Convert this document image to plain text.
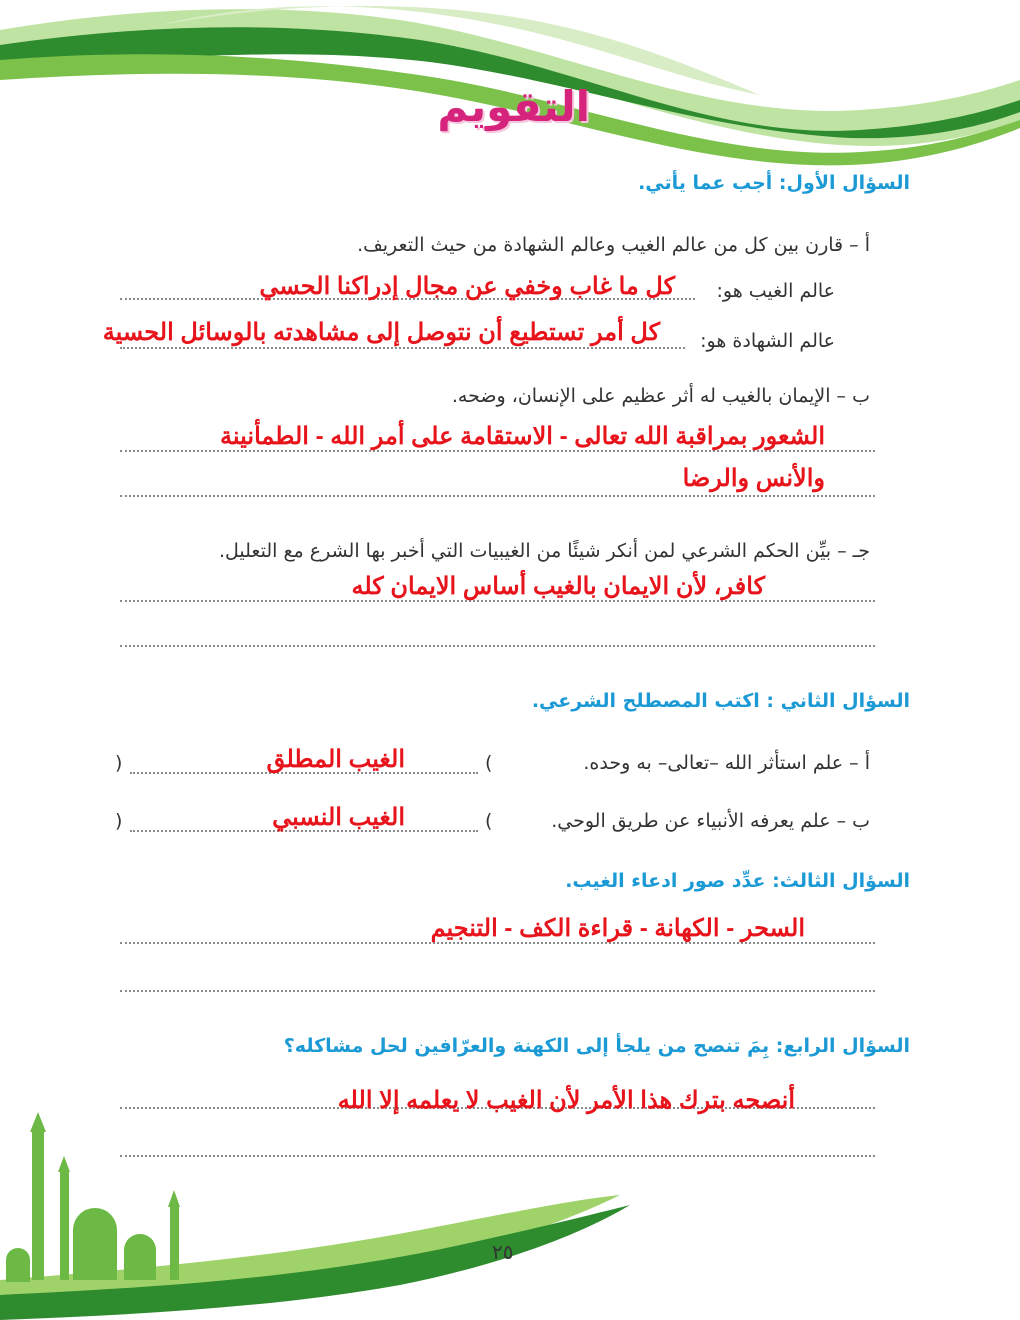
التقويم
السؤال الأول: أجب عما يأتي.
أ – قارن بين كل من عالم الغيب وعالم الشهادة من حيث التعريف.
عالم الغيب هو:
كل ما غاب وخفي عن مجال إدراكنا الحسي
عالم الشهادة هو:
كل أمر تستطيع أن نتوصل إلى مشاهدته بالوسائل الحسية
ب – الإيمان بالغيب له أثر عظيم على الإنسان، وضحه.
الشعور بمراقبة الله تعالى - الاستقامة على أمر الله - الطمأنينة
والأنس والرضا
جـ – بيِّن الحكم الشرعي لمن أنكر شيئًا من الغيبيات التي أخبر بها الشرع مع التعليل.
كافر، لأن الايمان بالغيب أساس الايمان كله
السؤال الثاني : اكتب المصطلح الشرعي.
أ – علم استأثر الله –تعالى– به وحده.
(
)	الغيب المطلق
ب – علم يعرفه الأنبياء عن طريق الوحي.
(
)	الغيب النسبي
السؤال الثالث: عدِّد صور ادعاء الغيب.
السحر - الكهانة - قراءة الكف - التنجيم
السؤال الرابع: بِمَ تنصح من يلجأ إلى الكهنة والعرّافين لحل مشاكله؟
أنصحه بترك هذا الأمر لأن الغيب لا يعلمه إلا الله
٢٥
